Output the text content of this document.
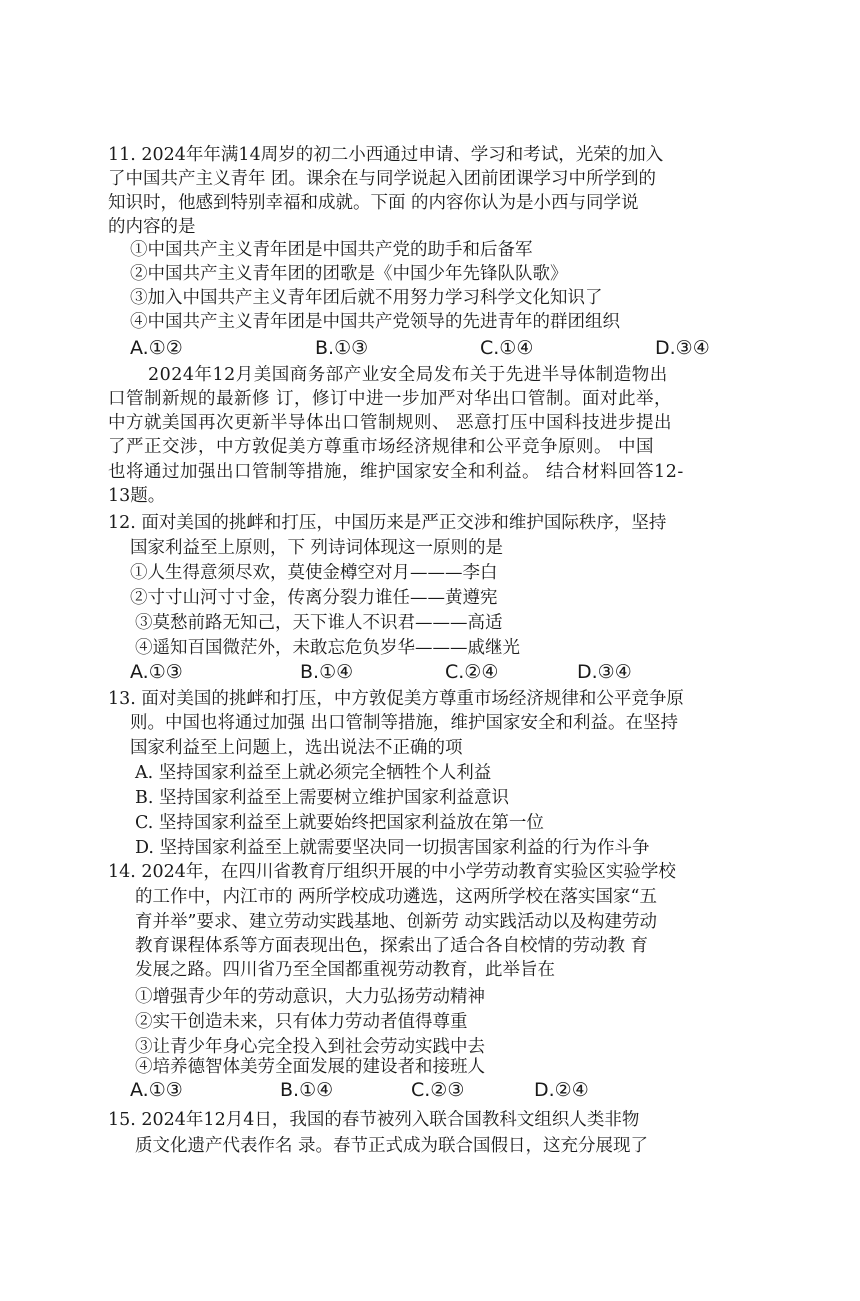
11. 2024年年满14周岁的初二小西通过申请、学习和考试，光荣的加入
了中国共产主义青年 团。课余在与同学说起入团前团课学习中所学到的
知识时，他感到特别幸福和成就。下面 的内容你认为是小西与同学说
的内容的是
①中国共产主义青年团是中国共产党的助手和后备军
②中国共产主义青年团的团歌是《中国少年先锋队队歌》
③加入中国共产主义青年团后就不用努力学习科学文化知识了
④中国共产主义青年团是中国共产党领导的先进青年的群团组织
A.①②	B.①③	C.①④	D.③④
2024年12月美国商务部产业安全局发布关于先进半导体制造物出
口管制新规的最新修 订，修订中进一步加严对华出口管制。面对此举，
中方就美国再次更新半导体出口管制规则、 恶意打压中国科技进步提出
了严正交涉，中方敦促美方尊重市场经济规律和公平竞争原则。 中国
也将通过加强出口管制等措施，维护国家安全和利益。 结合材料回答12-
13题。
12. 面对美国的挑衅和打压，中国历来是严正交涉和维护国际秩序，坚持
国家利益至上原则，下 列诗词体现这一原则的是
①人生得意须尽欢，莫使金樽空对月———李白
②寸寸山河寸寸金，传离分裂力谁任——黄遵宪
③莫愁前路无知己，天下谁人不识君———高适
④遥知百国微茫外，未敢忘危负岁华———戚继光
A.①③	B.①④	C.②④	D.③④
13. 面对美国的挑衅和打压，中方敦促美方尊重市场经济规律和公平竞争原
则。中国也将通过加强 出口管制等措施，维护国家安全和利益。在坚持
国家利益至上问题上，选出说法不正确的项
A. 坚持国家利益至上就必须完全牺牲个人利益
B. 坚持国家利益至上需要树立维护国家利益意识
C. 坚持国家利益至上就要始终把国家利益放在第一位
D. 坚持国家利益至上就需要坚决同一切损害国家利益的行为作斗争
14. 2024年，在四川省教育厅组织开展的中小学劳动教育实验区实验学校
的工作中，内江市的 两所学校成功遴选，这两所学校在落实国家“五
育并举”要求、建立劳动实践基地、创新劳 动实践活动以及构建劳动
教育课程体系等方面表现出色，探索出了适合各自校情的劳动教 育
发展之路。四川省乃至全国都重视劳动教育，此举旨在
①增强青少年的劳动意识，大力弘扬劳动精神
②实干创造未来，只有体力劳动者值得尊重
③让青少年身心完全投入到社会劳动实践中去
④培养德智体美劳全面发展的建设者和接班人
A.①③	B.①④	C.②③	D.②④
15. 2024年12月4日，我国的春节被列入联合国教科文组织人类非物
质文化遗产代表作名 录。春节正式成为联合国假日，这充分展现了
